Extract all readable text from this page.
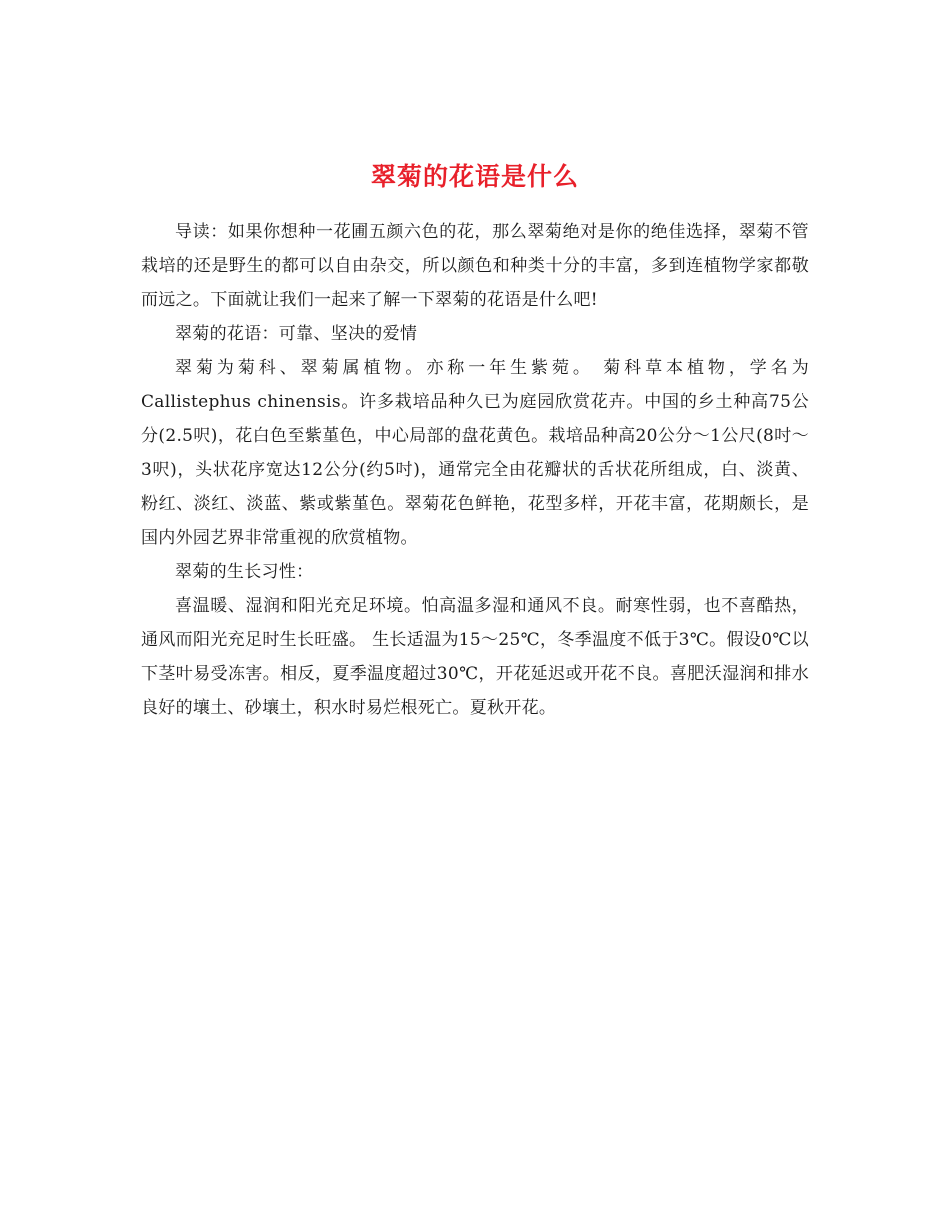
翠菊的花语是什么

导读：如果你想种一花圃五颜六色的花，那么翠菊绝对是你的绝佳选择，翠菊不管栽培的还是野生的都可以自由杂交，所以颜色和种类十分的丰富，多到连植物学家都敬而远之。下面就让我们一起来了解一下翠菊的花语是什么吧!

翠菊的花语：可靠、坚决的爱情

翠菊为菊科、翠菊属植物。亦称一年生紫菀。 菊科草本植物，学名为Callistephus chinensis。许多栽培品种久已为庭园欣赏花卉。中国的乡土种高75公分(2.5呎)，花白色至紫堇色，中心局部的盘花黄色。栽培品种高20公分～1公尺(8吋～3呎)，头状花序宽达12公分(约5吋)，通常完全由花瓣状的舌状花所组成，白、淡黄、粉红、淡红、淡蓝、紫或紫堇色。翠菊花色鲜艳，花型多样，开花丰富，花期颇长，是国内外园艺界非常重视的欣赏植物。

翠菊的生长习性：

喜温暖、湿润和阳光充足环境。怕高温多湿和通风不良。耐寒性弱，也不喜酷热，通风而阳光充足时生长旺盛。 生长适温为15～25℃，冬季温度不低于3℃。假设0℃以下茎叶易受冻害。相反，夏季温度超过30℃，开花延迟或开花不良。喜肥沃湿润和排水良好的壤土、砂壤土，积水时易烂根死亡。夏秋开花。
